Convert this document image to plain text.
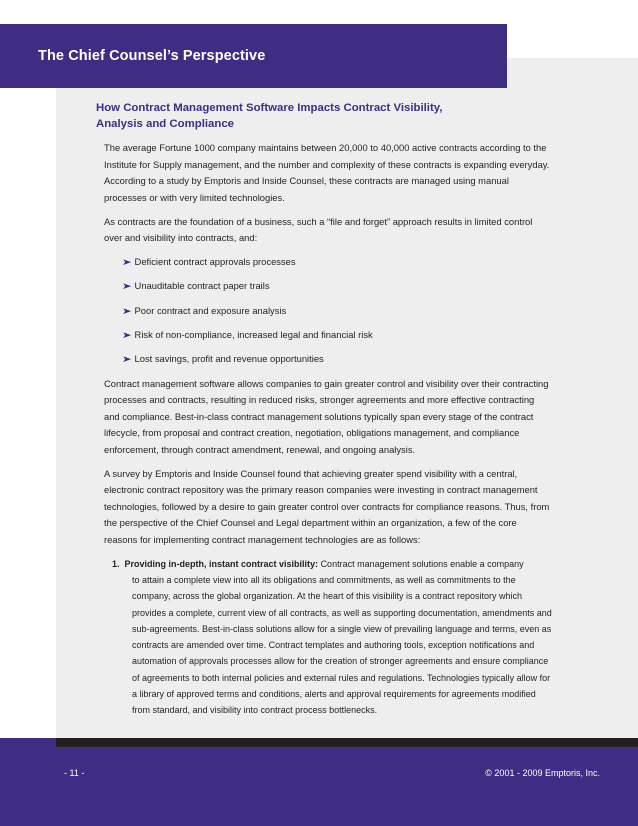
The Chief Counsel’s Perspective
How Contract Management Software Impacts Contract Visibility,
Analysis and Compliance

The average Fortune 1000 company maintains between 20,000 to 40,000 active contracts according to the Institute for Supply management, and the number and complexity of these contracts is expanding everyday. According to a study by Emptoris and Inside Counsel, these contracts are managed using manual processes or with very limited technologies.

As contracts are the foundation of a business, such a “file and forget” approach results in limited control over and visibility into contracts, and:

➤ Deficient contract approvals processes
➤ Unauditable contract paper trails
➤ Poor contract and exposure analysis
➤ Risk of non-compliance, increased legal and financial risk
➤ Lost savings, profit and revenue opportunities

Contract management software allows companies to gain greater control and visibility over their contracting processes and contracts, resulting in reduced risks, stronger agreements and more effective contracting and compliance. Best-in-class contract management solutions typically span every stage of the contract lifecycle, from proposal and contract creation, negotiation, obligations management, and compliance enforcement, through contract amendment, renewal, and ongoing analysis.

A survey by Emptoris and Inside Counsel found that achieving greater spend visibility with a central, electronic contract repository was the primary reason companies were investing in contract management technologies, followed by a desire to gain greater control over contracts for compliance reasons. Thus, from the perspective of the Chief Counsel and Legal department within an organization, a few of the core reasons for implementing contract management technologies are as follows:

1. Providing in-depth, instant contract visibility: Contract management solutions enable a company
to attain a complete view into all its obligations and commitments, as well as commitments to the company, across the global organization. At the heart of this visibility is a contract repository which provides a complete, current view of all contracts, as well as supporting documentation, amendments and sub-agreements. Best-in-class solutions allow for a single view of prevailing language and terms, even as contracts are amended over time. Contract templates and authoring tools, exception notifications and automation of approvals processes allow for the creation of stronger agreements and ensure compliance of agreements to both internal policies and external rules and regulations. Technologies typically allow for a library of approved terms and conditions, alerts and approval requirements for agreements modified from standard, and visibility into contract process bottlenecks.
- 11 -	© 2001 - 2009 Emptoris, Inc.
